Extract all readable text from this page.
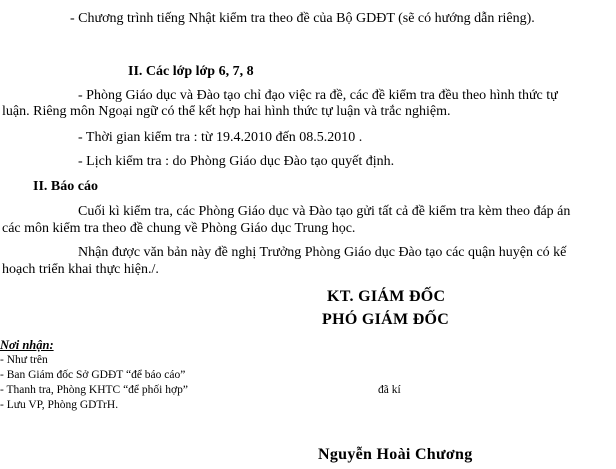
- Chương trình tiếng Nhật kiểm tra theo đề của Bộ GDĐT (sẽ có hướng dẫn riêng).
II. Các lớp lớp 6, 7, 8
- Phòng Giáo dục và Đào tạo chỉ đạo việc ra đề, các đề kiểm tra đều theo hình thức tự
luận. Riêng môn Ngoại ngữ có thể kết hợp hai hình thức tự luận và trắc nghiệm.
- Thời gian kiểm tra : từ 19.4.2010 đến 08.5.2010 .
- Lịch kiểm tra : do Phòng Giáo dục Đào tạo quyết định.
II. Báo cáo
Cuối kì kiểm tra, các Phòng Giáo dục và Đào tạo gửi tất cả đề kiểm tra kèm theo đáp án
các môn kiểm tra theo đề chung về Phòng Giáo dục Trung học.
Nhận được văn bản này đề nghị Trưởng Phòng Giáo dục Đào tạo các quận huyện có kế
hoạch triển khai thực hiện./.
KT. GIÁM ĐỐC
PHÓ GIÁM ĐỐC
Nơi nhận:
- Như trên
- Ban Giám đốc Sở GDĐT “để báo cáo”
- Thanh tra, Phòng KHTC “để phối hợp”
- Lưu VP, Phòng GDTrH.
đã kí
Nguyễn Hoài Chương
